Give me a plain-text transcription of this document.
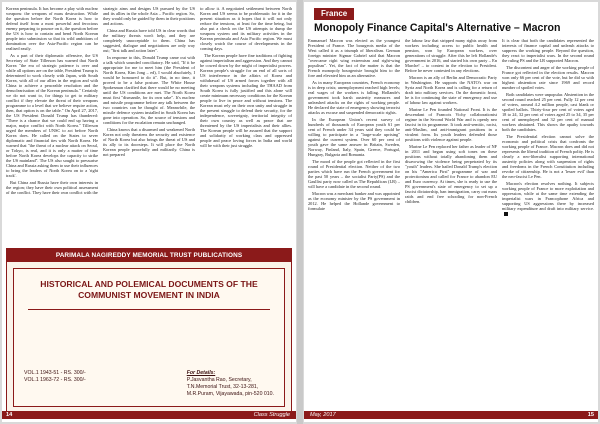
Korean peninsula. It has become a play with nuclear weapons: the weapons of mass destruction. While the question before the North Korea is how to defend itself from a most powerful and ferocious enemy preparing to pounce on it, the question before the US is how to contain and bend North Korean people into submission so that its wild ambitions of domination over the Asia-Pacific region can be realised easily.

As a part of their diplomatic offensive, the US Secretary of State Tillerson has warned that North Korea "the era of strategic patience is over and while all options are on the table, President Trump is determined to work closely with Japan, with South Korea, with all of our allies in the region and with China to achieve a peaceable resolution and the denuclearisation of the Korean peninsula." Certainly we do not want to, for things to get to military conflict if they elevate the threat of their weapons programme to a level that we believe require action, then, that option is on the table." On April 27, 2017, the US President Donald Trump has thundered: "There is a chance that we could end up having a major, major conflict with North Korea." Tillerson urged the members of UNSC to act before North Korea does. He called on the States to sever diplomatic and financial ties with North Korea. He warned that "the threat of a nuclear attack on Seoul, or Tokyo, is real, and it is only a matter of time before North Korea develops the capacity to strike the US mainland". The US also sought to pressurise China and Russia asking them to use their influences to bring the leaders of North Korea on to a 'right track'.

But China and Russia have their own interests in the region; they have their own political assessment of the conflict. They have their own conflict with the

strategic aims and designs US pursued by the US and its allies in the whole Asia – Pacific region. So, they would only be guided by them in their positions and actions.

China and Russia have told US in clear words that the military threats won't help, and they are completely unacceptable to them. China has suggested, dialogue and negotiations are only way out; "first talk and action later".

In response to this, Donald Trump came out with a talk which sounded conciliatory. He said, "If it be appropriate for me to meet him (the President of North Korea, Kim Jong – ed), I would absolutely, I would be honoured to do it". But, in no time, it proved to be a false posture. The White House Spokesman clarified that there would be no meeting until the US conditions are met. The North Korea must first "dismantle, for its own sake". It's nuclear and missile programme before any talk between the two countries can be thought of. Meanwhile, the missile defence system installed in South Korea has gone into operation. So, the source of tensions and conditions for the escalation remain unchanged.

China knows that a disarmed and weakened North Korea not only threatens the security and existence of North Korea but also brings the threat of US and its ally to its doorsteps. It will place the North Korean people peacefully and militarily. China is not prepared

to allow it. A negotiated settlement between North Korea and US seems to be problematic for it in the present situation as it hopes that it will not only reduce the tensions, at least for the time being, but also put a check on the US attempts to dump the weapons system and its military activities in the Korean peninsula and Asia Pacific region. We must closely watch the course of developments in the coming days.

The Korean people have fine traditions of fighting against imperialism and aggression. And they cannot be cowed down by the might of imperialist powers. Korean people's struggle for an end of all sorts of US interference in the affairs of Korea and withdrawal of US armed forces together with all their weapons systems including the THAAD from South Korea is fully justified and this alone will create minimum necessary conditions for the Korean people to live in peace and without tensions. The Korean must rely on their own unity and struggle in the present struggle to defend their security, for the independence, sovereignty, territorial integrity of their own country as well as peace that are threatened by the US imperialists and their allies. The Korean people will be assured that the support and solidarity of working class and oppressed people and peace loving forces in India and world will be with their just struggle.

PARIMALA NAGIREDDY MEMORIAL TRUST PUBLICATIONS
HISTORICAL AND POLEMICAL DOCUMENTS OF THE COMMUNIST MOVEMENT IN INDIA
VOL.1 1943-51 - RS. 300/-
VOL.1 1963-72 - RS. 300/-
For Details:
P.Jasvantha Rao, Secretary,
T.N.Memorial Trust, 32-13-281,
M.R.Puram, Vijayawada, pin-520 010.
14	Class Struggle
France
Monopoly Finance Capital's Alternative – Macron

Emmanuel Macron was elected as the youngest President of France. The bourgeois media of the West called it as a triumph of liberalism. German foreign minister Sigmar Gabriel said that Macron "overcame right wing extremism and right-wing populism". Yet, the fact of the matter is that the French monopoly bourgeoisie brought him to the fore and elevated him as an alternative.

As in many European countries, French economy is in deep crisis; unemployment reached high levels; real wages of the workers is falling. Hollande's government took harsh austerity measures and unleashed attacks on the rights of working people. He declared the state of emergency showing terrorist attacks as excuse and suspended democratic rights.

In the European Union's recent survey of hundreds of thousands of European youth 61 per cent of French under 34 years said they could be willing to participate in a "large-scale uprising" against the current system. Over 60 per cent of youth gave the same answer in Britain, Sweden, Norway, Finland, Italy, Spain, Greece, Portugal, Hungary, Bulgaria and Romania.

The mood of the people got reflected in the first round of Presidential election. Neither of the two parties which have run the French government for the past 50 years – the socialist Party(PS) and the Gaullist party now called as The Republican (LR) – will have a candidate in the second round.

Macron was a merchant banker and was appointed as the economy minister by the PS government in 2012. He helped the Hollande government to formulate

the labour law that stripped many rights away from workers including access to public health and pension, won by European workers, over generations of struggle. After this he left Hollande's government in 2016, and started his own party – En Marche! – to contest in the election to President. Before he never contested in any elections.

Macron is an ally of Berlin and Democratic Party in Washington. He supports the NATO's war on Syria and North Korea and is calling for a return of draft into military services. On the domestic front, he is for continuing the state of emergency and use of labour law against workers.

Marine Le Pen founded National Front. It is the descendant of Francois Vichy collaborationist regime in the Second World War and is openly neo fascist in its programme. It took anti-semitic, racist, anti-Muslim, and anti-immigrant positions in a virulent form. Its youth leaders defended those positions with violence against people.

Marine Le Pen replaced her father as leader of NF in 2011 and began using soft tones on these positions without totally abandoning them and disavowing the violence being perpetrated by its "youth" leaders. She hailed Donald Trump's election on his "America First" programme of war and protectionism and called for France to abandon EU and Euro currency. At times, she is ready to use the PS government's state of emergency to set up a fascist dictatorship, ban immigration, carry out mass raids and end free schooling for non-French children.

It is clear that both the candidates represented the interests of finance capital and unleash attacks to suppress the working people. Beyond the question, they react to imperialist wars. In the second round the ruling PS and the LR supported Macron.

The discontent and anger of the working people of France got reflected in the election results. Macron won only 66 per cent of the vote, but he did so with highest abstention rate since 1969 and record number of spoiled votes.

Both candidates were unpopular. Abstention in the second round reached 25 per cent. Fully 12 per cent of voters, around 4.2 million people, cast blank or spoiled ballots. Thirty-four per cent of voters aged 18 to 24, 32 per cent of voters aged 25 to 34, 35 per cent of unemployed and 32 per cent of manual workers abstained. This shows the apathy towards both the candidates.

The Presidential election cannot solve the economic and political crisis that confronts the working people of France. Macron does and did not represents the liberal tradition of French polity. He is clearly a neo-liberalist supporting international austerity policies along with suspension of rights and freedoms in the French Constitution including revoke of citizenship. He is not a 'lesser evil' than the neo-fascist Le Pen.

Macron's election resolves nothing. It subjects working people of France to more exploitation and oppression, while at the same time extending the imperialist wars in Francophone Africa and supporting US aggressions there by increased military expenditure and draft into military service.

May, 2017	15
